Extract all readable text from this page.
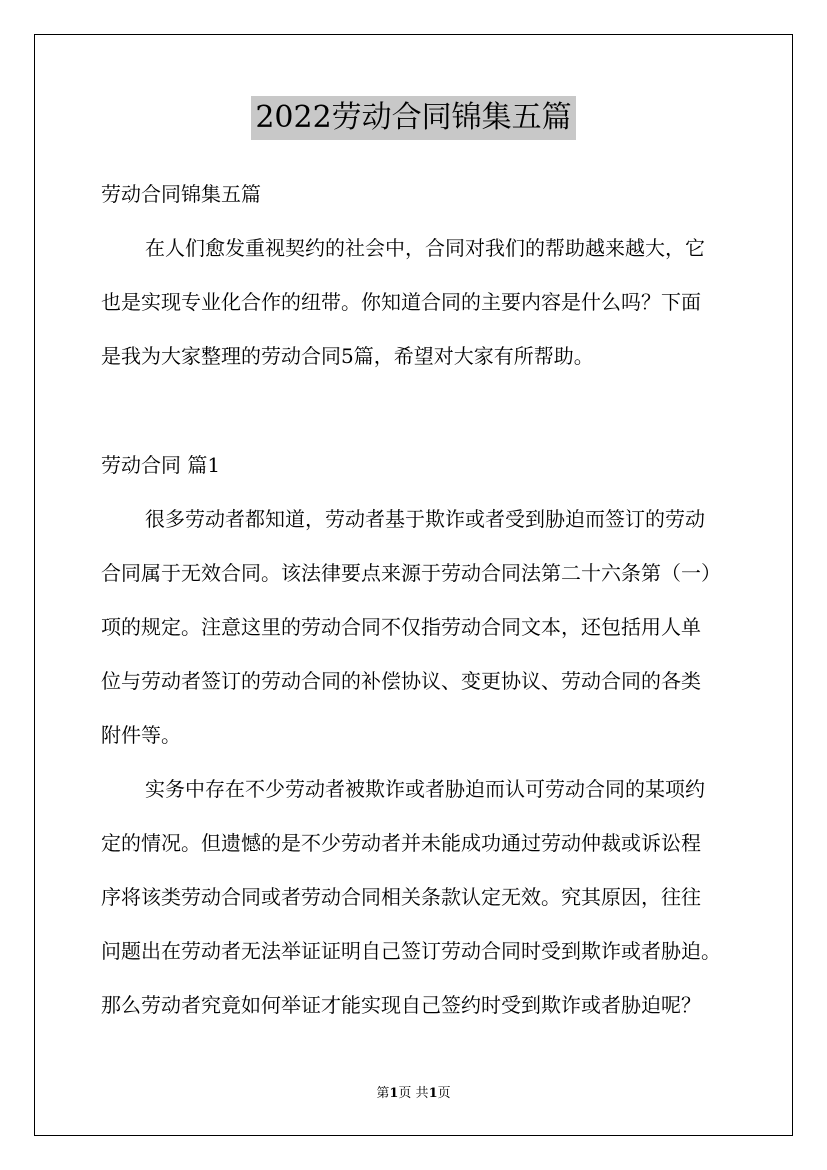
2022劳动合同锦集五篇
劳动合同锦集五篇
在人们愈发重视契约的社会中，合同对我们的帮助越来越大，它
也是实现专业化合作的纽带。你知道合同的主要内容是什么吗？下面
是我为大家整理的劳动合同5篇，希望对大家有所帮助。
劳动合同 篇1
很多劳动者都知道，劳动者基于欺诈或者受到胁迫而签订的劳动
合同属于无效合同。该法律要点来源于劳动合同法第二十六条第（一）
项的规定。注意这里的劳动合同不仅指劳动合同文本，还包括用人单
位与劳动者签订的劳动合同的补偿协议、变更协议、劳动合同的各类
附件等。
实务中存在不少劳动者被欺诈或者胁迫而认可劳动合同的某项约
定的情况。但遗憾的是不少劳动者并未能成功通过劳动仲裁或诉讼程
序将该类劳动合同或者劳动合同相关条款认定无效。究其原因，往往
问题出在劳动者无法举证证明自己签订劳动合同时受到欺诈或者胁迫。
那么劳动者究竟如何举证才能实现自己签约时受到欺诈或者胁迫呢？
第1页 共1页
